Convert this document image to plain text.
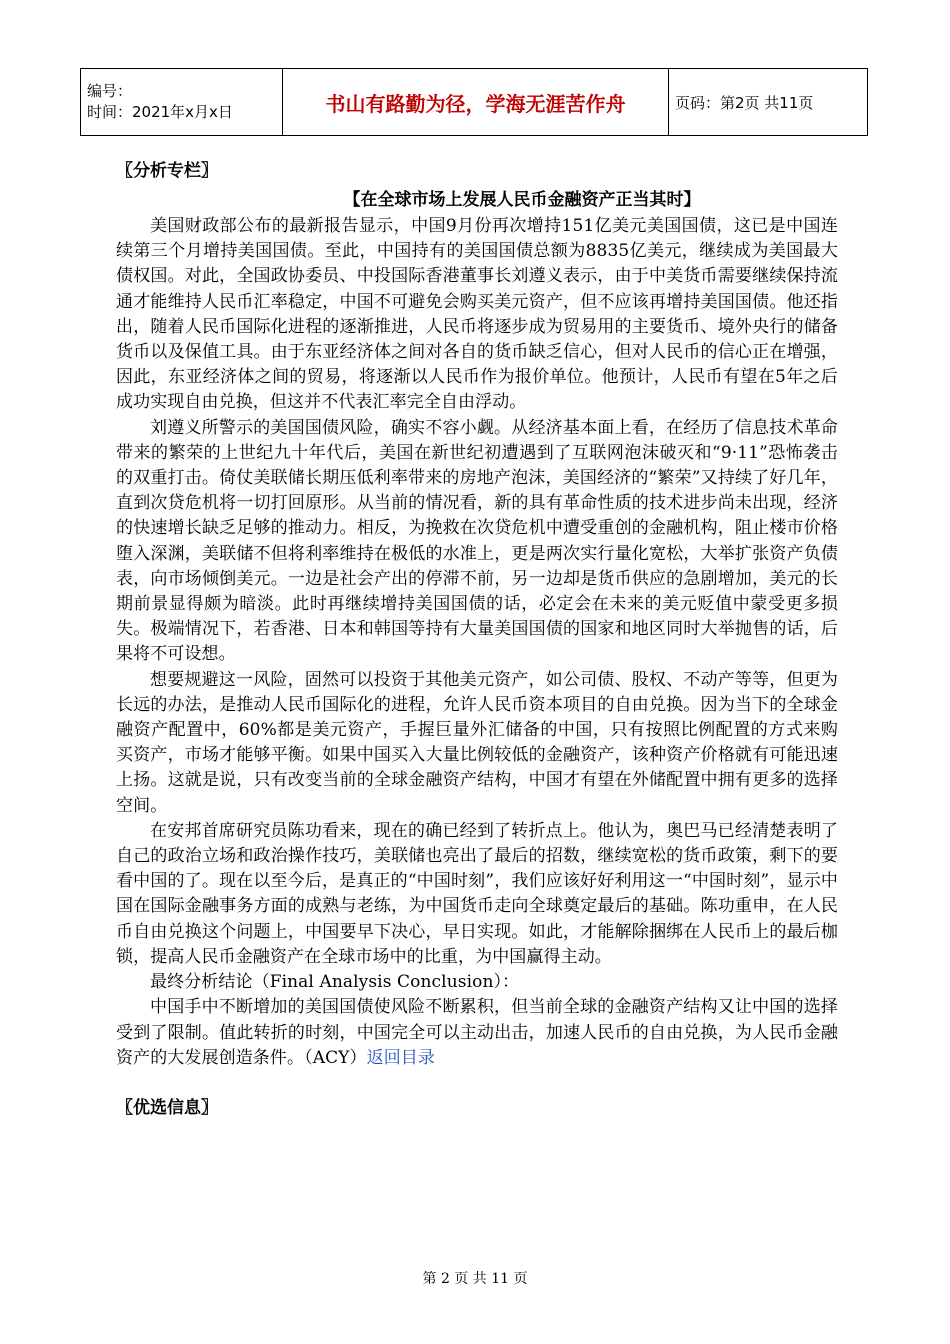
编号：
时间：2021年x月x日	书山有路勤为径，学海无涯苦作舟	页码：第2页 共11页
〖分析专栏〗
【在全球市场上发展人民币金融资产正当其时】

美国财政部公布的最新报告显示，中国9月份再次增持151亿美元美国国债，这已是中国连续第三个月增持美国国债。至此，中国持有的美国国债总额为8835亿美元，继续成为美国最大债权国。对此，全国政协委员、中投国际香港董事长刘遵义表示，由于中美货币需要继续保持流通才能维持人民币汇率稳定，中国不可避免会购买美元资产，但不应该再增持美国国债。他还指出，随着人民币国际化进程的逐渐推进，人民币将逐步成为贸易用的主要货币、境外央行的储备货币以及保值工具。由于东亚经济体之间对各自的货币缺乏信心，但对人民币的信心正在增强，因此，东亚经济体之间的贸易，将逐渐以人民币作为报价单位。他预计，人民币有望在5年之后成功实现自由兑换，但这并不代表汇率完全自由浮动。

刘遵义所警示的美国国债风险，确实不容小觑。从经济基本面上看，在经历了信息技术革命带来的繁荣的上世纪九十年代后，美国在新世纪初遭遇到了互联网泡沫破灭和“9·11”恐怖袭击的双重打击。倚仗美联储长期压低利率带来的房地产泡沫，美国经济的“繁荣”又持续了好几年，直到次贷危机将一切打回原形。从当前的情况看，新的具有革命性质的技术进步尚未出现，经济的快速增长缺乏足够的推动力。相反，为挽救在次贷危机中遭受重创的金融机构，阻止楼市价格堕入深渊，美联储不但将利率维持在极低的水准上，更是两次实行量化宽松，大举扩张资产负债表，向市场倾倒美元。一边是社会产出的停滞不前，另一边却是货币供应的急剧增加，美元的长期前景显得颇为暗淡。此时再继续增持美国国债的话，必定会在未来的美元贬值中蒙受更多损失。极端情况下，若香港、日本和韩国等持有大量美国国债的国家和地区同时大举抛售的话，后果将不可设想。

想要规避这一风险，固然可以投资于其他美元资产，如公司债、股权、不动产等等，但更为长远的办法，是推动人民币国际化的进程，允许人民币资本项目的自由兑换。因为当下的全球金融资产配置中，60%都是美元资产，手握巨量外汇储备的中国，只有按照比例配置的方式来购买资产，市场才能够平衡。如果中国买入大量比例较低的金融资产，该种资产价格就有可能迅速上扬。这就是说，只有改变当前的全球金融资产结构，中国才有望在外储配置中拥有更多的选择空间。

在安邦首席研究员陈功看来，现在的确已经到了转折点上。他认为，奥巴马已经清楚表明了自己的政治立场和政治操作技巧，美联储也亮出了最后的招数，继续宽松的货币政策，剩下的要看中国的了。现在以至今后，是真正的“中国时刻”，我们应该好好利用这一“中国时刻”，显示中国在国际金融事务方面的成熟与老练，为中国货币走向全球奠定最后的基础。陈功重申，在人民币自由兑换这个问题上，中国要早下决心，早日实现。如此，才能解除捆绑在人民币上的最后枷锁，提高人民币金融资产在全球市场中的比重，为中国赢得主动。

最终分析结论（Final Analysis Conclusion）：

中国手中不断增加的美国国债使风险不断累积，但当前全球的金融资产结构又让中国的选择受到了限制。值此转折的时刻，中国完全可以主动出击，加速人民币的自由兑换，为人民币金融资产的大发展创造条件。（ACY）返回目录

〖优选信息〗
第 2 页 共 11 页
